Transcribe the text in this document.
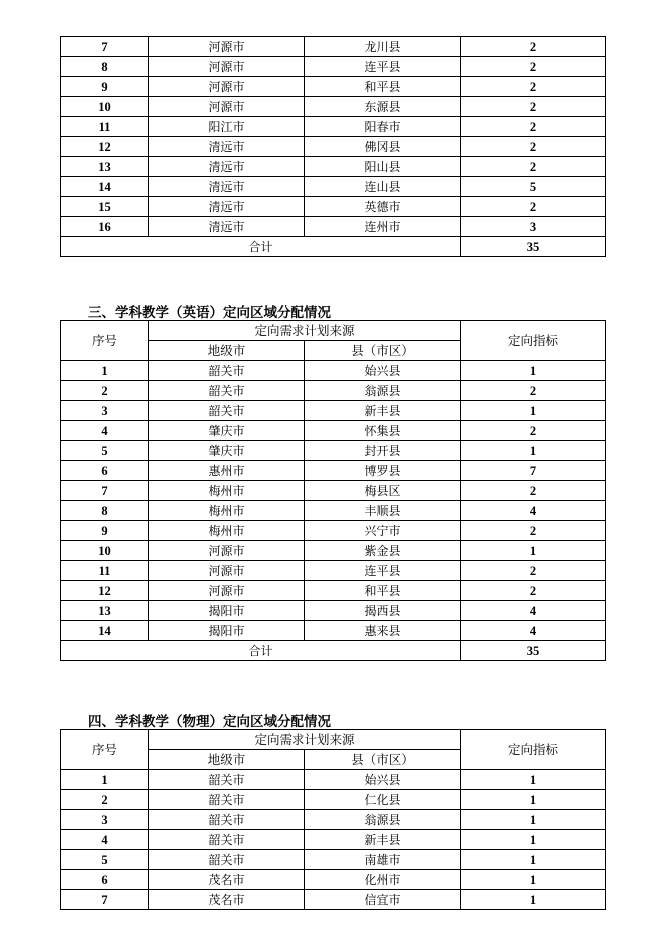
7	河源市	龙川县	2
8	河源市	连平县	2
9	河源市	和平县	2
10	河源市	东源县	2
11	阳江市	阳春市	2
12	清远市	佛冈县	2
13	清远市	阳山县	2
14	清远市	连山县	5
15	清远市	英德市	2
16	清远市	连州市	3
合计			35
三、学科教学（英语）定向区域分配情况
序号	定向需求计划来源		定向指标
	地级市	县（市区）	
1	韶关市	始兴县	1
2	韶关市	翁源县	2
3	韶关市	新丰县	1
4	肇庆市	怀集县	2
5	肇庆市	封开县	1
6	惠州市	博罗县	7
7	梅州市	梅县区	2
8	梅州市	丰顺县	4
9	梅州市	兴宁市	2
10	河源市	紫金县	1
11	河源市	连平县	2
12	河源市	和平县	2
13	揭阳市	揭西县	4
14	揭阳市	惠来县	4
合计			35
四、学科教学（物理）定向区域分配情况
序号	定向需求计划来源		定向指标
	地级市	县（市区）	
1	韶关市	始兴县	1
2	韶关市	仁化县	1
3	韶关市	翁源县	1
4	韶关市	新丰县	1
5	韶关市	南雄市	1
6	茂名市	化州市	1
7	茂名市	信宜市	1
